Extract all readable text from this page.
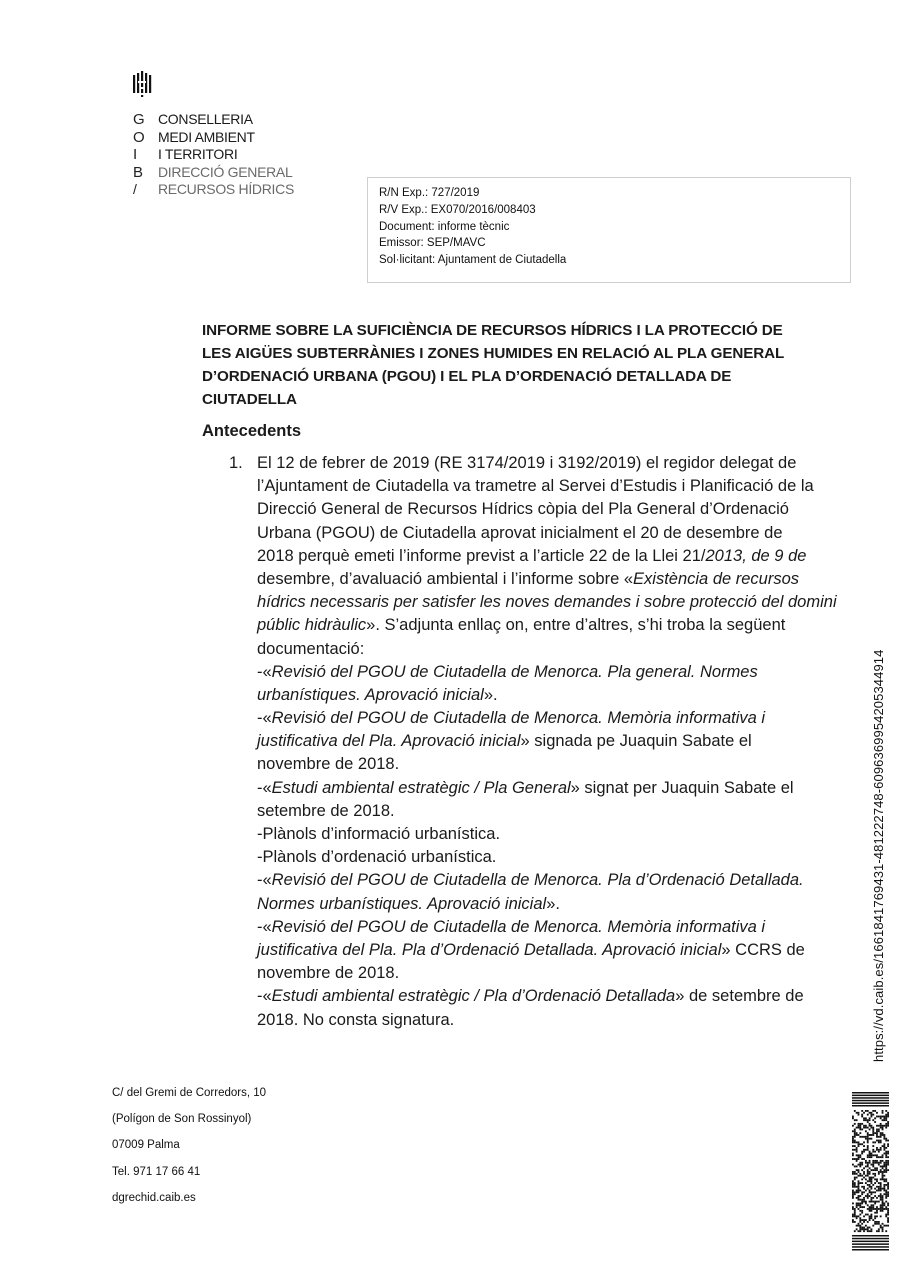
G CONSELLERIA
O MEDI AMBIENT
I	I TERRITORI
B DIRECCIÓ GENERAL
/	RECURSOS HÍDRICS	R/N Exp.: 727/2019
R/V Exp.: EX070/2016/008403
Document: informe tècnic
Emissor: SEP/MAVC
Sol·licitant: Ajuntament de Ciutadella
INFORME SOBRE LA SUFICIÈNCIA DE RECURSOS HÍDRICS I LA PROTECCIÓ DE
LES AIGÜES SUBTERRÀNIES I ZONES HUMIDES EN RELACIÓ AL PLA GENERAL
D’ORDENACIÓ URBANA (PGOU) I EL PLA D’ORDENACIÓ DETALLADA DE
CIUTADELLA
Antecedents
1. El 12 de febrer de 2019 (RE 3174/2019 i 3192/2019) el regidor delegat de
l’Ajuntament de Ciutadella va trametre al Servei d’Estudis i Planificació de la
Direcció General de Recursos Hídrics còpia del Pla General d’Ordenació
Urbana (PGOU) de Ciutadella aprovat inicialment el 20 de desembre de
2018 perquè emeti l’informe previst a l’article 22 de la Llei 21/2013, de 9 de
desembre, d’avaluació ambiental i l’informe sobre «Existència de recursos
hídrics necessaris per satisfer les noves demandes i sobre protecció del domini
públic hidràulic». S’adjunta enllaç on, entre d’altres, s’hi troba la següent
documentació:
-«Revisió del PGOU de Ciutadella de Menorca. Pla general. Normes
urbanístiques. Aprovació inicial».
-«Revisió del PGOU de Ciutadella de Menorca. Memòria informativa i
justificativa del Pla. Aprovació inicial» signada pe Juaquin Sabate el
novembre de 2018.
-«Estudi ambiental estratègic / Pla General» signat per Juaquin Sabate el
setembre de 2018.
-Plànols d’informació urbanística.
-Plànols d’ordenació urbanística.
-«Revisió del PGOU de Ciutadella de Menorca. Pla d’Ordenació Detallada.
Normes urbanístiques. Aprovació inicial».
-«Revisió del PGOU de Ciutadella de Menorca. Memòria informativa i
justificativa del Pla. Pla d’Ordenació Detallada. Aprovació inicial» CCRS de
novembre de 2018.
-«Estudi ambiental estratègic / Pla d’Ordenació Detallada» de setembre de
2018. No consta signatura.
C/ del Gremi de Corredors, 10
(Polígon de Son Rossinyol)
07009 Palma
Tel. 971 17 66 41
dgrechid.caib.es
https://vd.caib.es/1661841769431-481222748-6096369954205344914
